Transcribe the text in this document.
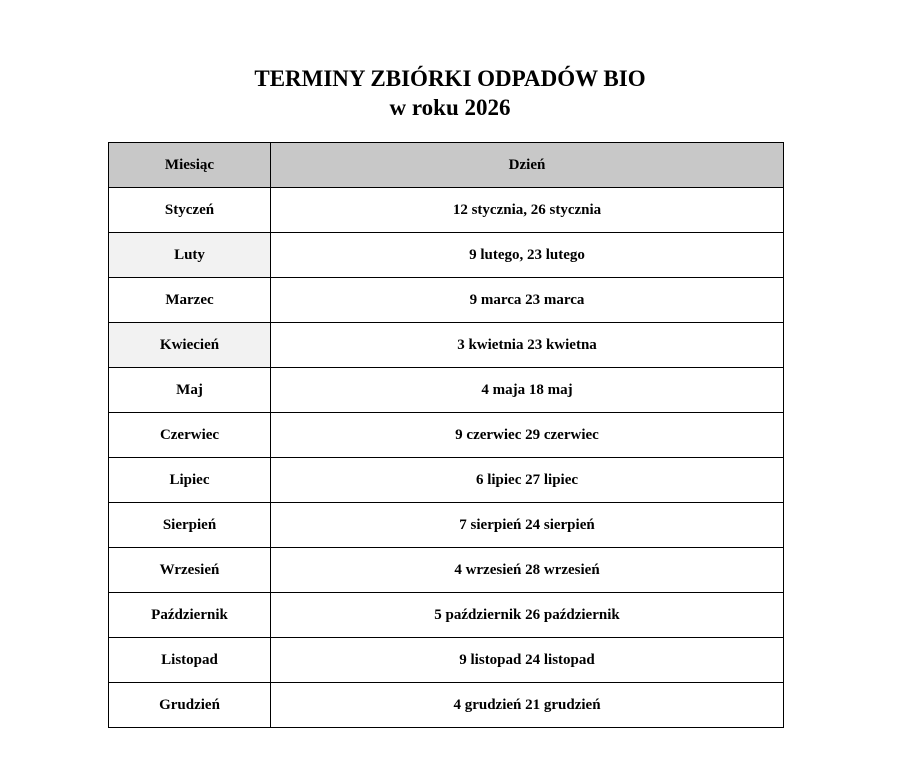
TERMINY ZBIÓRKI ODPADÓW BIO
w roku 2026
Miesiąc	Dzień
Styczeń	12 stycznia, 26 stycznia
Luty	9 lutego, 23 lutego
Marzec	9 marca 23 marca
Kwiecień	3 kwietnia 23 kwietna
Maj	4 maja 18 maj
Czerwiec	9 czerwiec 29 czerwiec
Lipiec	6 lipiec 27 lipiec
Sierpień	7 sierpień 24 sierpień
Wrzesień	4 wrzesień 28 wrzesień
Październik	5 październik 26 październik
Listopad	9 listopad 24 listopad
Grudzień	4 grudzień 21 grudzień
